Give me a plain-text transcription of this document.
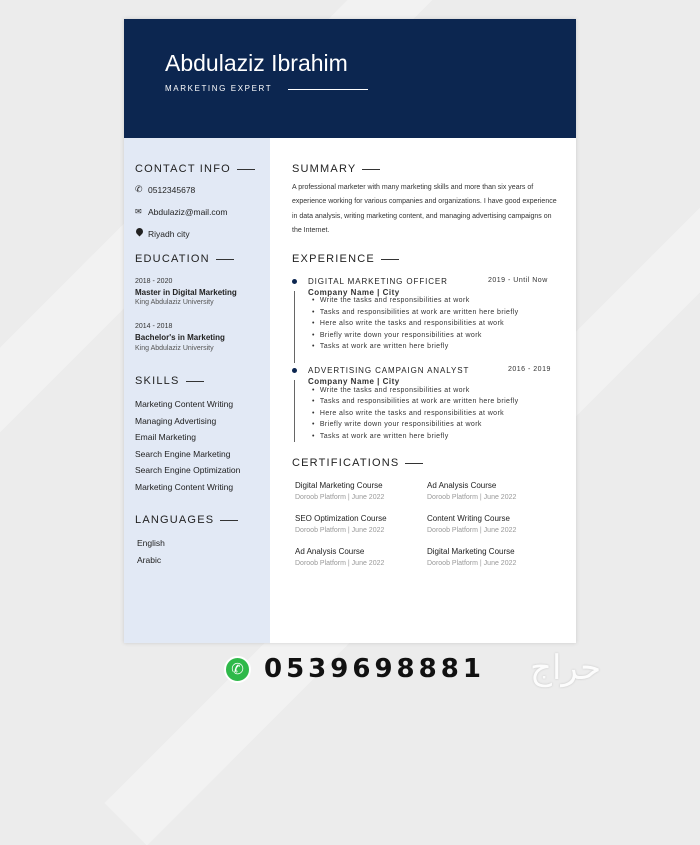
Abdulaziz Ibrahim
MARKETING EXPERT
CONTACT INFO
✆ 0512345678
✉ Abdulaziz@mail.com
Riyadh city
EDUCATION
2018 - 2020
Master in Digital Marketing
King Abdulaziz University
2014 - 2018
Bachelor's in Marketing
King Abdulaziz University
SKILLS
Marketing Content Writing
Managing Advertising
Email Marketing
Search Engine Marketing
Search Engine Optimization
Marketing Content Writing
LANGUAGES
English
Arabic
SUMMARY
A professional marketer with many marketing skills and more than six years of experience working for various companies and organizations. I have good experience in data analysis, writing marketing content, and managing advertising campaigns on the Internet.
EXPERIENCE
DIGITAL MARKETING OFFICER	2019 - Until Now
Company Name | City
• Write the tasks and responsibilities at work
• Tasks and responsibilities at work are written here briefly
• Here also write the tasks and responsibilities at work
• Briefly write down your responsibilities at work
• Tasks at work are written here briefly
ADVERTISING CAMPAIGN ANALYST	2016 - 2019
Company Name | City
• Write the tasks and responsibilities at work
• Tasks and responsibilities at work are written here briefly
• Here also write the tasks and responsibilities at work
• Briefly write down your responsibilities at work
• Tasks at work are written here briefly
CERTIFICATIONS
Digital Marketing Course
Doroob Platform | June 2022
Ad Analysis Course
Doroob Platform | June 2022
SEO Optimization Course
Doroob Platform | June 2022
Content Writing Course
Doroob Platform | June 2022
Ad Analysis Course
Doroob Platform | June 2022
Digital Marketing Course
Doroob Platform | June 2022
✆ 0539698881 حراج
